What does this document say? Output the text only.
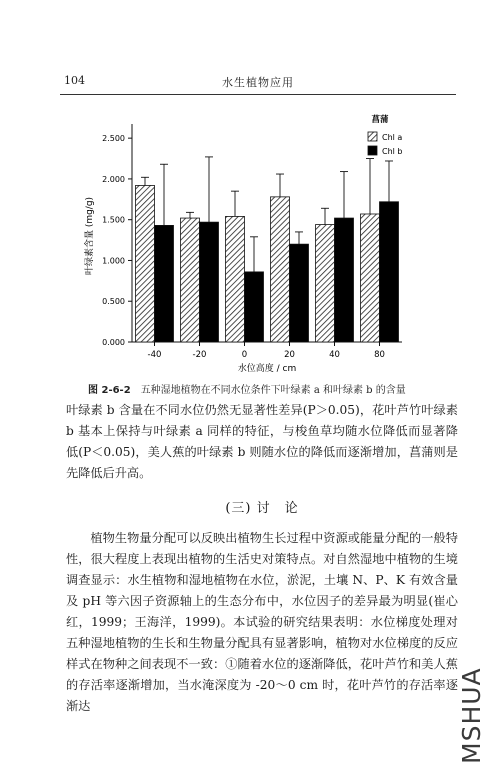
104	水生植物应用
0.000
0.500
1.000
1.500
2.000
2.500
-40	-20	0	20	40	80
叶绿素含量 (mg/g)
水位高度 / cm
菖蒲
Chl a
Chl b
图 2-6-2 五种湿地植物在不同水位条件下叶绿素 a 和叶绿素 b 的含量
叶绿素 b 含量在不同水位仍然无显著性差异(P＞0.05)，花叶芦竹叶绿素 b 基本上保持与叶绿素 a 同样的特征，与梭鱼草均随水位降低而显著降低(P＜0.05)，美人蕉的叶绿素 b 则随水位的降低而逐渐增加，菖蒲则是先降低后升高。
(三) 讨　论
植物生物量分配可以反映出植物生长过程中资源或能量分配的一般特性，很大程度上表现出植物的生活史对策特点。对自然湿地中植物的生境调查显示：水生植物和湿地植物在水位，淤泥，土壤 N、P、K 有效含量及 pH 等六因子资源轴上的生态分布中，水位因子的差异最为明显(崔心红，1999；王海洋，1999)。本试验的研究结果表明：水位梯度处理对五种湿地植物的生长和生物量分配具有显著影响，植物对水位梯度的反应样式在物种之间表现不一致：①随着水位的逐渐降低，花叶芦竹和美人蕉的存活率逐渐增加，当水淹深度为 -20～0 cm 时，花叶芦竹的存活率逐渐达	MSHUA
